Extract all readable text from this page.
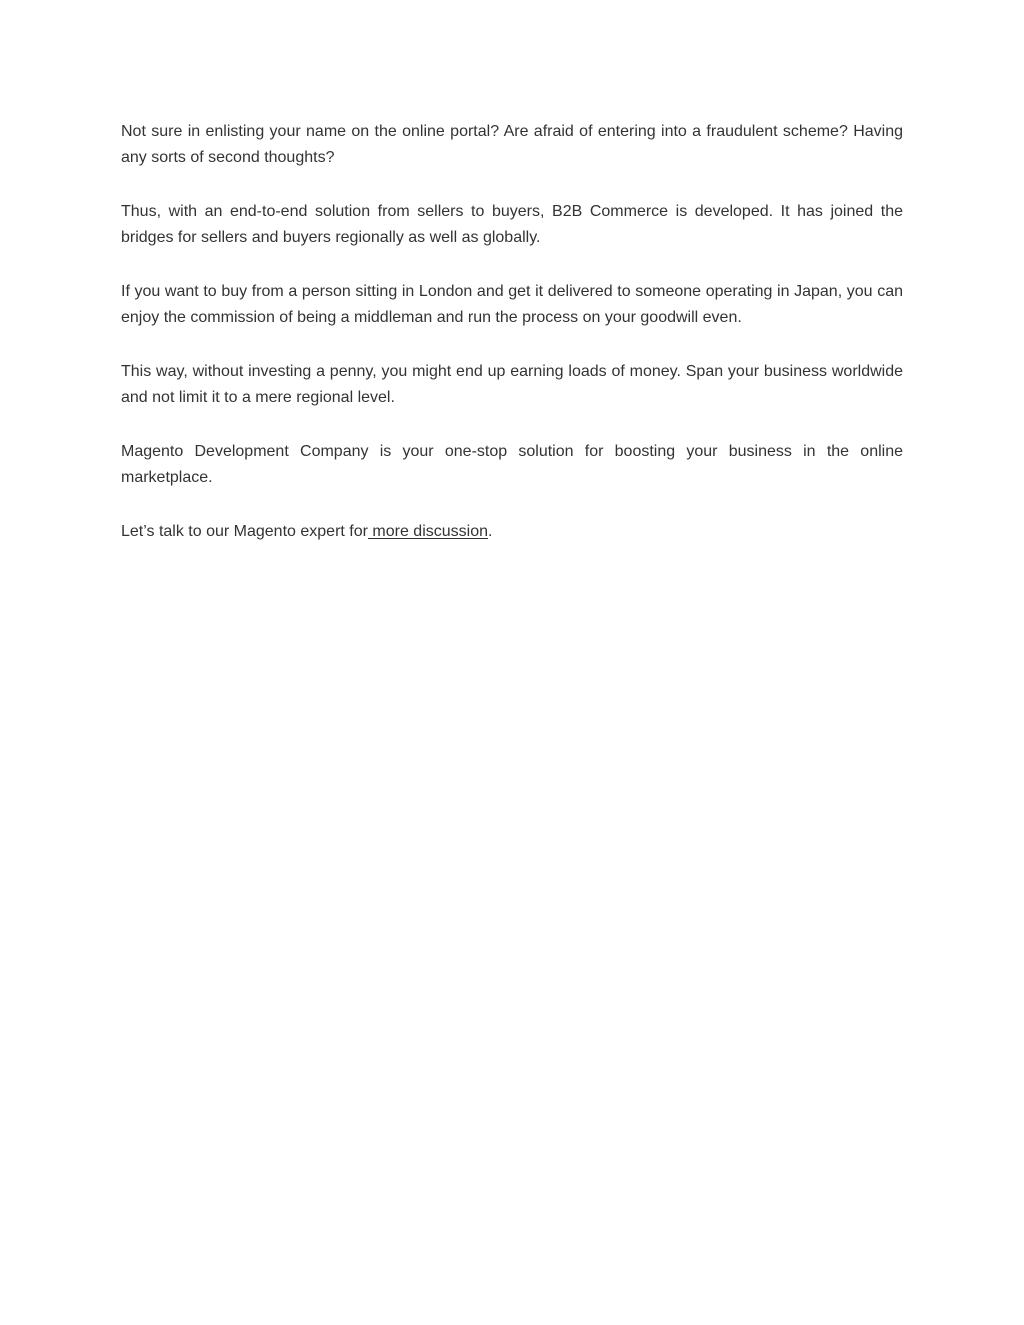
Not sure in enlisting your name on the online portal? Are afraid of entering into a fraudulent scheme? Having any sorts of second thoughts?

Thus, with an end-to-end solution from sellers to buyers, B2B Commerce is developed. It has joined the bridges for sellers and buyers regionally as well as globally.

If you want to buy from a person sitting in London and get it delivered to someone operating in Japan, you can enjoy the commission of being a middleman and run the process on your goodwill even.

This way, without investing a penny, you might end up earning loads of money. Span your business worldwide and not limit it to a mere regional level.

Magento Development Company is your one-stop solution for boosting your business in the online marketplace.

Let’s talk to our Magento expert for more discussion.
